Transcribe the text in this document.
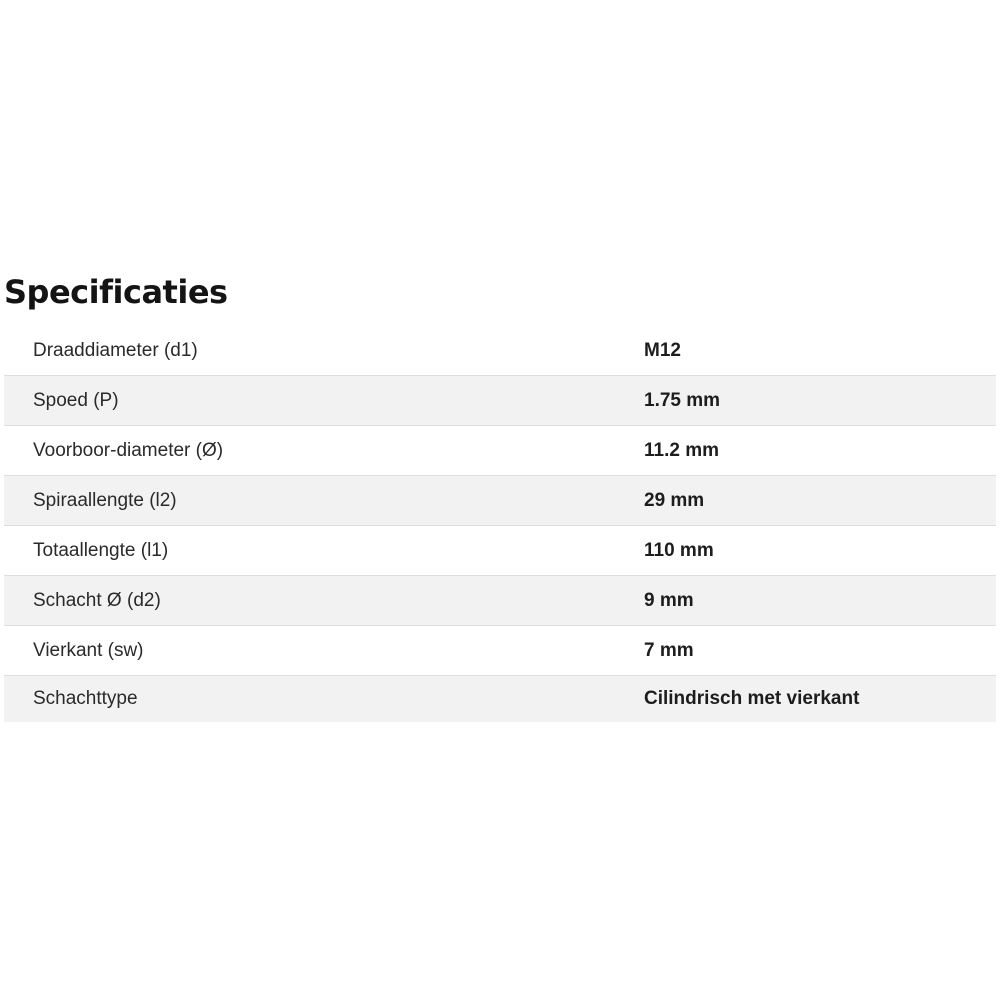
Specificaties
Draaddiameter (d1)	M12
Spoed (P)	1.75 mm
Voorboor-diameter (Ø)	11.2 mm
Spiraallengte (l2)	29 mm
Totaallengte (l1)	110 mm
Schacht Ø (d2)	9 mm
Vierkant (sw)	7 mm
Schachttype	Cilindrisch met vierkant
